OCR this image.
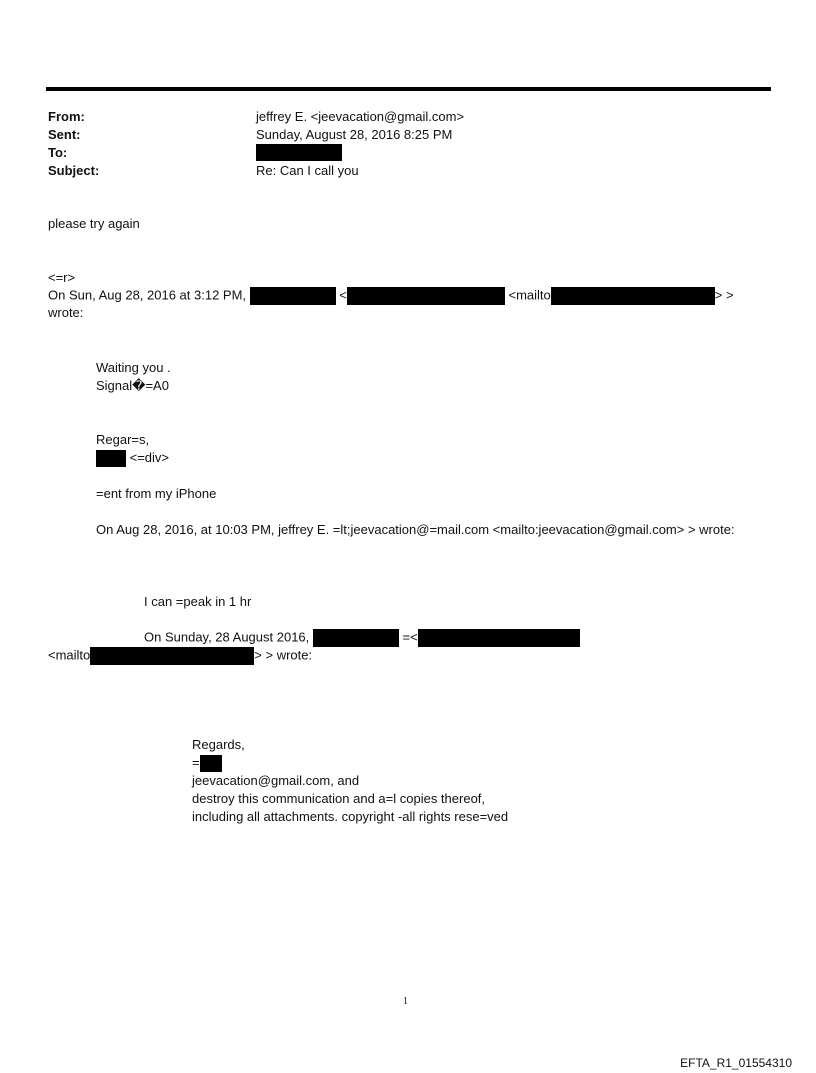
From:	jeffrey E. <jeevacation@gmail.com>
Sent:	Sunday, August 28, 2016 8:25 PM
To:
Subject:	Re: Can I call you
please try again
<=r>
On Sun, Aug 28, 2016 at 3:12 PM,	<	<mailto	> >
wrote:
Waiting you .
Signal�=A0
Regar=s,
<=div>
=ent from my iPhone
On Aug 28, 2016, at 10:03 PM, jeffrey E. =lt;jeevacation@=mail.com <mailto:jeevacation@gmail.com> > wrote:
I can =peak in 1 hr
On Sunday, 28 August 2016,	=<
<mailto	> > wrote:
Regards,
=
jeevacation@gmail.com, and
destroy this communication and a=l copies thereof,
including all attachments. copyright -all rights rese=ved
1
EFTA_R1_01554310
